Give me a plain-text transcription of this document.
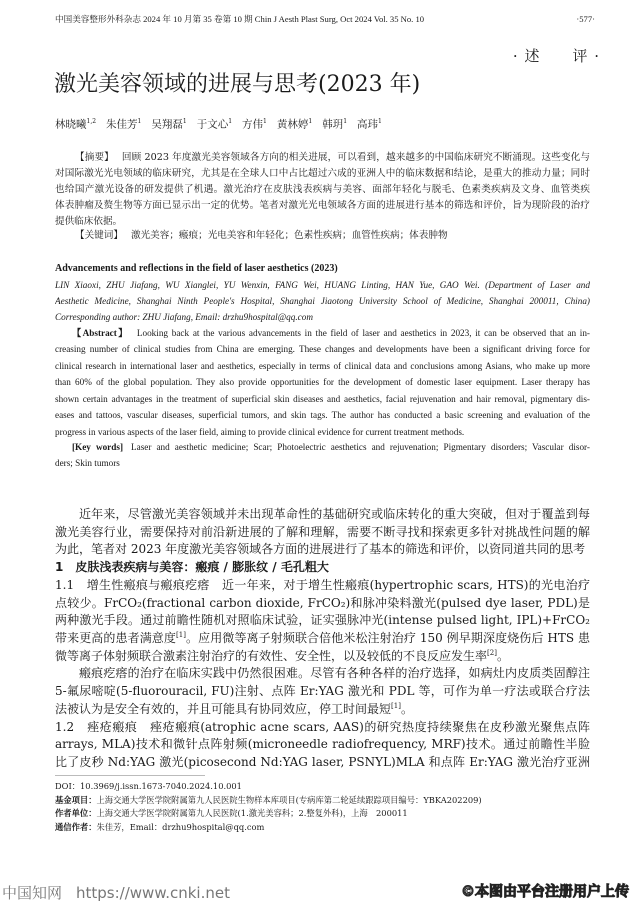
中国美容整形外科杂志 2024 年 10 月第 35 卷第 10 期 Chin J Aesth Plast Surg, Oct 2024 Vol. 35 No. 10	·577·
· 述　　评 ·
激光美容领域的进展与思考(2023 年)
林晓曦$^{1,2}$ 朱佳芳$^1$ 吴翔磊$^1$ 于文心$^1$ 方伟$^1$ 黄林婷$^1$ 韩玥$^1$ 高玮$^1$
【摘要】 回顾 2023 年度激光美容领域各方向的相关进展，可以看到，越来越多的中国临床研究不断涌现。这些变化与
对国际激光光电领域的临床研究，尤其是在全球人口中占比超过六成的亚洲人中的临床数据和结论，是重大的推动力量；同时
也给国产激光设备的研发提供了机遇。激光治疗在皮肤浅表疾病与美容、面部年轻化与脱毛、色素类疾病及文身、血管类疾
体表肿瘤及赘生物等方面已显示出一定的优势。笔者对激光光电领域各方面的进展进行基本的筛选和评价，旨为现阶段的治疗
提供临床依据。
【关键词】 激光美容；瘢痕；光电美容和年轻化；色素性疾病；血管性疾病；体表肿物
Advancements and reflections in the field of laser aesthetics (2023)
LIN Xiaoxi, ZHU Jiafang, WU Xianglei, YU Wenxin, FANG Wei, HUANG Linting, HAN Yue, GAO Wei. (Department of Laser and
Aesthetic Medicine, Shanghai Ninth People's Hospital, Shanghai Jiaotong University School of Medicine, Shanghai 200011, China)
Corresponding author: ZHU Jiafang, Email: drzhu9hospital@qq.com
【Abstract】 Looking back at the various advancements in the field of laser and aesthetics in 2023, it can be observed that an in-
creasing number of clinical studies from China are emerging. These changes and developments have been a significant driving force for
clinical research in international laser and aesthetics, especially in terms of clinical data and conclusions among Asians, who make up more
than 60% of the global population. They also provide opportunities for the development of domestic laser equipment. Laser therapy has
shown certain advantages in the treatment of superficial skin diseases and aesthetics, facial rejuvenation and hair removal, pigmentary dis-
eases and tattoos, vascular diseases, superficial tumors, and skin tags. The author has conducted a basic screening and evaluation of the
progress in various aspects of the laser field, aiming to provide clinical evidence for current treatment methods.
[Key words] Laser and aesthetic medicine; Scar; Photoelectric aesthetics and rejuvenation; Pigmentary disorders; Vascular disor-
ders; Skin tumors
近年来，尽管激光美容领域并未出现革命性的基础研究或临床转化的重大突破，但对于覆盖到每
激光美容行业，需要保持对前沿新进展的了解和理解，需要不断寻找和探索更多针对挑战性问题的解
为此，笔者对 2023 年度激光美容领域各方面的进展进行了基本的筛选和评价，以资同道共同的思考
1　皮肤浅表疾病与美容：瘢痕 / 膨胀纹 / 毛孔粗大
1.1　增生性瘢痕与瘢痕疙瘩　近一年来，对于增生性瘢痕(hypertrophic scars, HTS)的光电治疗
点较少。FrCO₂(fractional carbon dioxide, FrCO₂)和脉冲染料激光(pulsed dye laser, PDL)是
两种激光手段。通过前瞻性随机对照临床试验，证实强脉冲光(intense pulsed light, IPL)+FrCO₂
带来更高的患者满意度[1]。应用微等离子射频联合倍他米松注射治疗 150 例早期深度烧伤后 HTS 患
微等离子体射频联合激素注射治疗的有效性、安全性，以及较低的不良反应发生率[2]。
瘢痕疙瘩的治疗在临床实践中仍然很困难。尽管有各种各样的治疗选择，如病灶内皮质类固醇注
5-氟尿嘧啶(5-fluorouracil, FU)注射、点阵 Er:YAG 激光和 PDL 等，可作为单一疗法或联合疗法
法被认为是安全有效的，并且可能具有协同效应，停工时间最短[1]。
1.2　痤疮瘢痕　痤疮瘢痕(atrophic acne scars, AAS)的研究热度持续聚焦在皮秒激光聚焦点阵
arrays, MLA)技术和微针点阵射频(microneedle radiofrequency, MRF)技术。通过前瞻性半脸
比了皮秒 Nd:YAG 激光(picosecond Nd:YAG laser, PSNYL)MLA 和点阵 Er:YAG 激光治疗亚洲
DOI：10.3969/j.issn.1673-7040.2024.10.001
基金项目：上海交通大学医学院附属第九人民医院生物样本库项目(专病库第二轮延续跟踪项目编号：YBKA202209)
作者单位：上海交通大学医学院附属第九人民医院(1.激光美容科；2.整复外科)，上海　200011
通信作者：朱佳芳，Email：drzhu9hospital@qq.com
中国知网 https://www.cnki.net	©本图由平台注册用户上传
